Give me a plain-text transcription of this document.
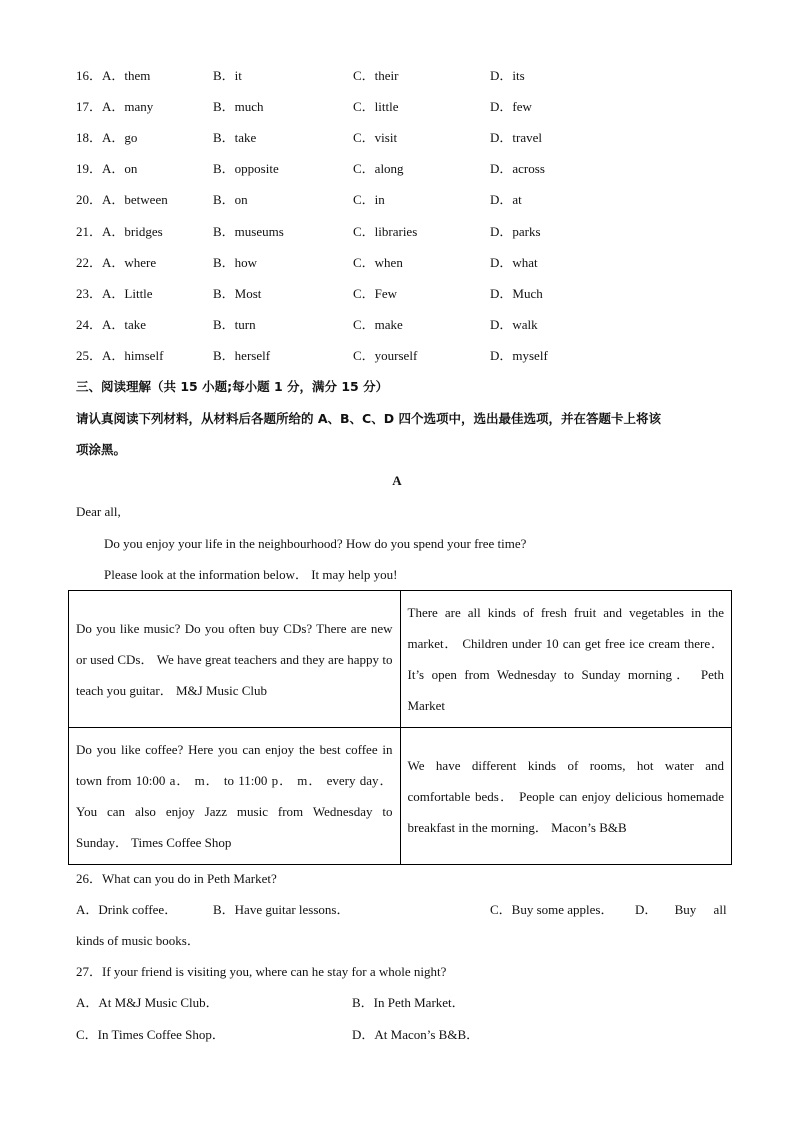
16．A．them	B．it	C．their	D．its
17．A．many	B．much	C．little	D．few
18．A．go	B．take	C．visit	D．travel
19．A．on	B．opposite	C．along	D．across
20．A．between	B．on	C．in	D．at
21．A．bridges	B．museums	C．libraries	D．parks
22．A．where	B．how	C．when	D．what
23．A．Little	B．Most	C．Few	D．Much
24．A．take	B．turn	C．make	D．walk
25．A．himself	B．herself	C．yourself	D．myself
三、阅读理解（共 15 小题;每小题 1 分，满分 15 分）
请认真阅读下列材料，从材料后各题所给的 A、B、C、D 四个选项中，选出最佳选项，并在答题卡上将该
项涂黑。
A
Dear all,
Do you enjoy your life in the neighbourhood? How do you spend your free time?
Please look at the information below． It may help you!
Do you like music? Do you often buy CDs? There are new or used CDs． We have great teachers and they are happy to teach you guitar． M&J Music Club	There are all kinds of fresh fruit and vegetables in the market． Children under 10 can get free ice cream there． It’s open from Wednesday to Sunday morning． Peth Market
Do you like coffee? Here you can enjoy the best coffee in town from 10:00 a． m． to 11:00 p． m． every day． You can also enjoy Jazz music from Wednesday to Sunday． Times Coffee Shop	We have different kinds of rooms, hot water and comfortable beds． People can enjoy delicious homemade breakfast in the morning． Macon’s B&B
26．What can you do in Peth Market?
A．Drink coffee．	B．Have guitar lessons．	C．Buy some apples． D． Buy all
kinds of music books．
27．If your friend is visiting you, where can he stay for a whole night?
A．At M&J Music Club．	B．In Peth Market．
C．In Times Coffee Shop．	D．At Macon’s B&B．
